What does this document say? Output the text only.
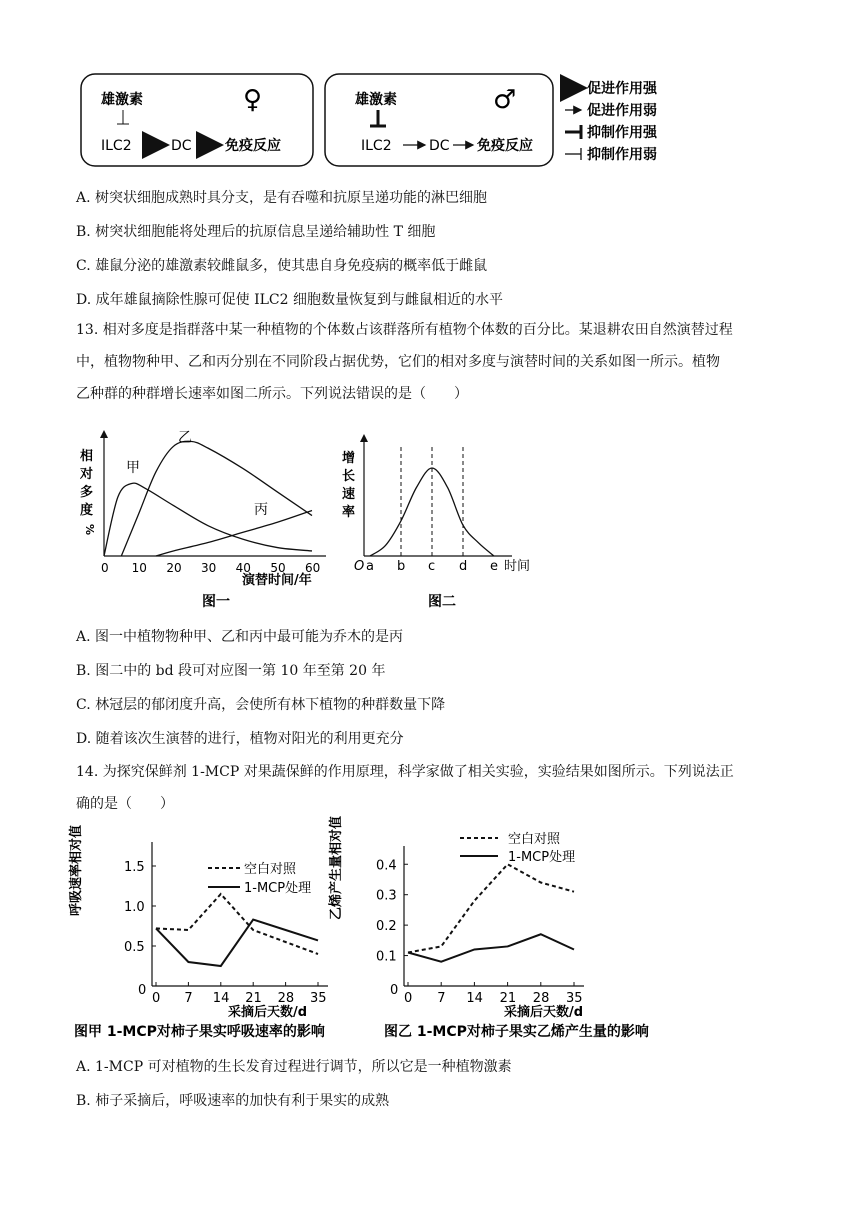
雄激素	♀
ILC2	DC 免疫反应
雄激素	♂
ILC2	DC 免疫反应
促进作用强
促进作用弱
抑制作用强
抑制作用弱
A. 树突状细胞成熟时具分支，是有吞噬和抗原呈递功能的淋巴细胞
B. 树突状细胞能将处理后的抗原信息呈递给辅助性 T 细胞
C. 雄鼠分泌的雄激素较雌鼠多，使其患自身免疫病的概率低于雌鼠
D. 成年雄鼠摘除性腺可促使 ILC2 细胞数量恢复到与雌鼠相近的水平
13. 相对多度是指群落中某一种植物的个体数占该群落所有植物个体数的百分比。某退耕农田自然演替过程
中，植物物种甲、乙和丙分别在不同阶段占据优势，它们的相对多度与演替时间的关系如图一所示。植物
乙种群的种群增长速率如图二所示。下列说法错误的是（　　）
相
对
多
度
%
甲
乙
丙
0 10 20 30 40 50 60
演替时间/年
图一
增
长
速
率
a b c d e
O	时间
图二
A. 图一中植物物种甲、乙和丙中最可能为乔木的是丙
B. 图二中的 bd 段可对应图一第 10 年至第 20 年
C. 林冠层的郁闭度升高，会使所有林下植物的种群数量下降
D. 随着该次生演替的进行，植物对阳光的利用更充分
14. 为探究保鲜剂 1-MCP 对果蔬保鲜的作用原理，科学家做了相关实验，实验结果如图所示。下列说法正
确的是（　　）
呼吸速率相对值
0 7 14 21 28 35
0.5
1.0
1.5
0
空白对照
1-MCP处理
采摘后天数/d
图甲 1-MCP对柿子果实呼吸速率的影响
乙烯产生量相对值
0 7 14 21 28 35
0.1
0.2
0.3
0.4
0
空白对照
1-MCP处理
采摘后天数/d
图乙 1-MCP对柿子果实乙烯产生量的影响
A. 1-MCP 可对植物的生长发育过程进行调节，所以它是一种植物激素
B. 柿子采摘后，呼吸速率的加快有利于果实的成熟
